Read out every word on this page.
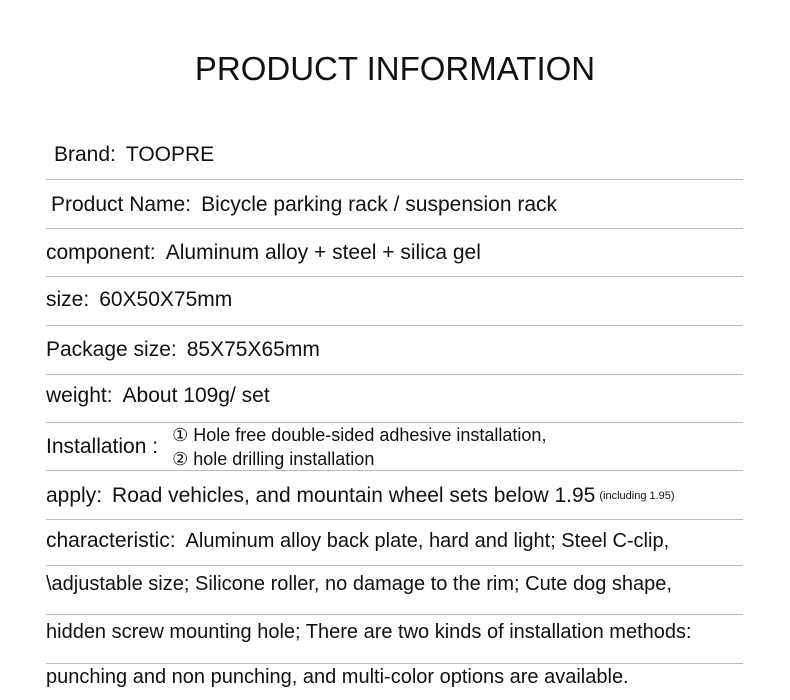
PRODUCT INFORMATION
Brand: TOOPRE
Product Name: Bicycle parking rack / suspension rack
component: Aluminum alloy + steel + silica gel
size: 60X50X75mm
Package size: 85X75X65mm
weight: About 109g/ set
Installation : ① Hole free double-sided adhesive installation,
② hole drilling installation
apply: Road vehicles, and mountain wheel sets below 1.95 (including 1.95)
characteristic: Aluminum alloy back plate, hard and light; Steel C-clip,
\adjustable size; Silicone roller, no damage to the rim; Cute dog shape,
hidden screw mounting hole; There are two kinds of installation methods:
punching and non punching, and multi-color options are available.
